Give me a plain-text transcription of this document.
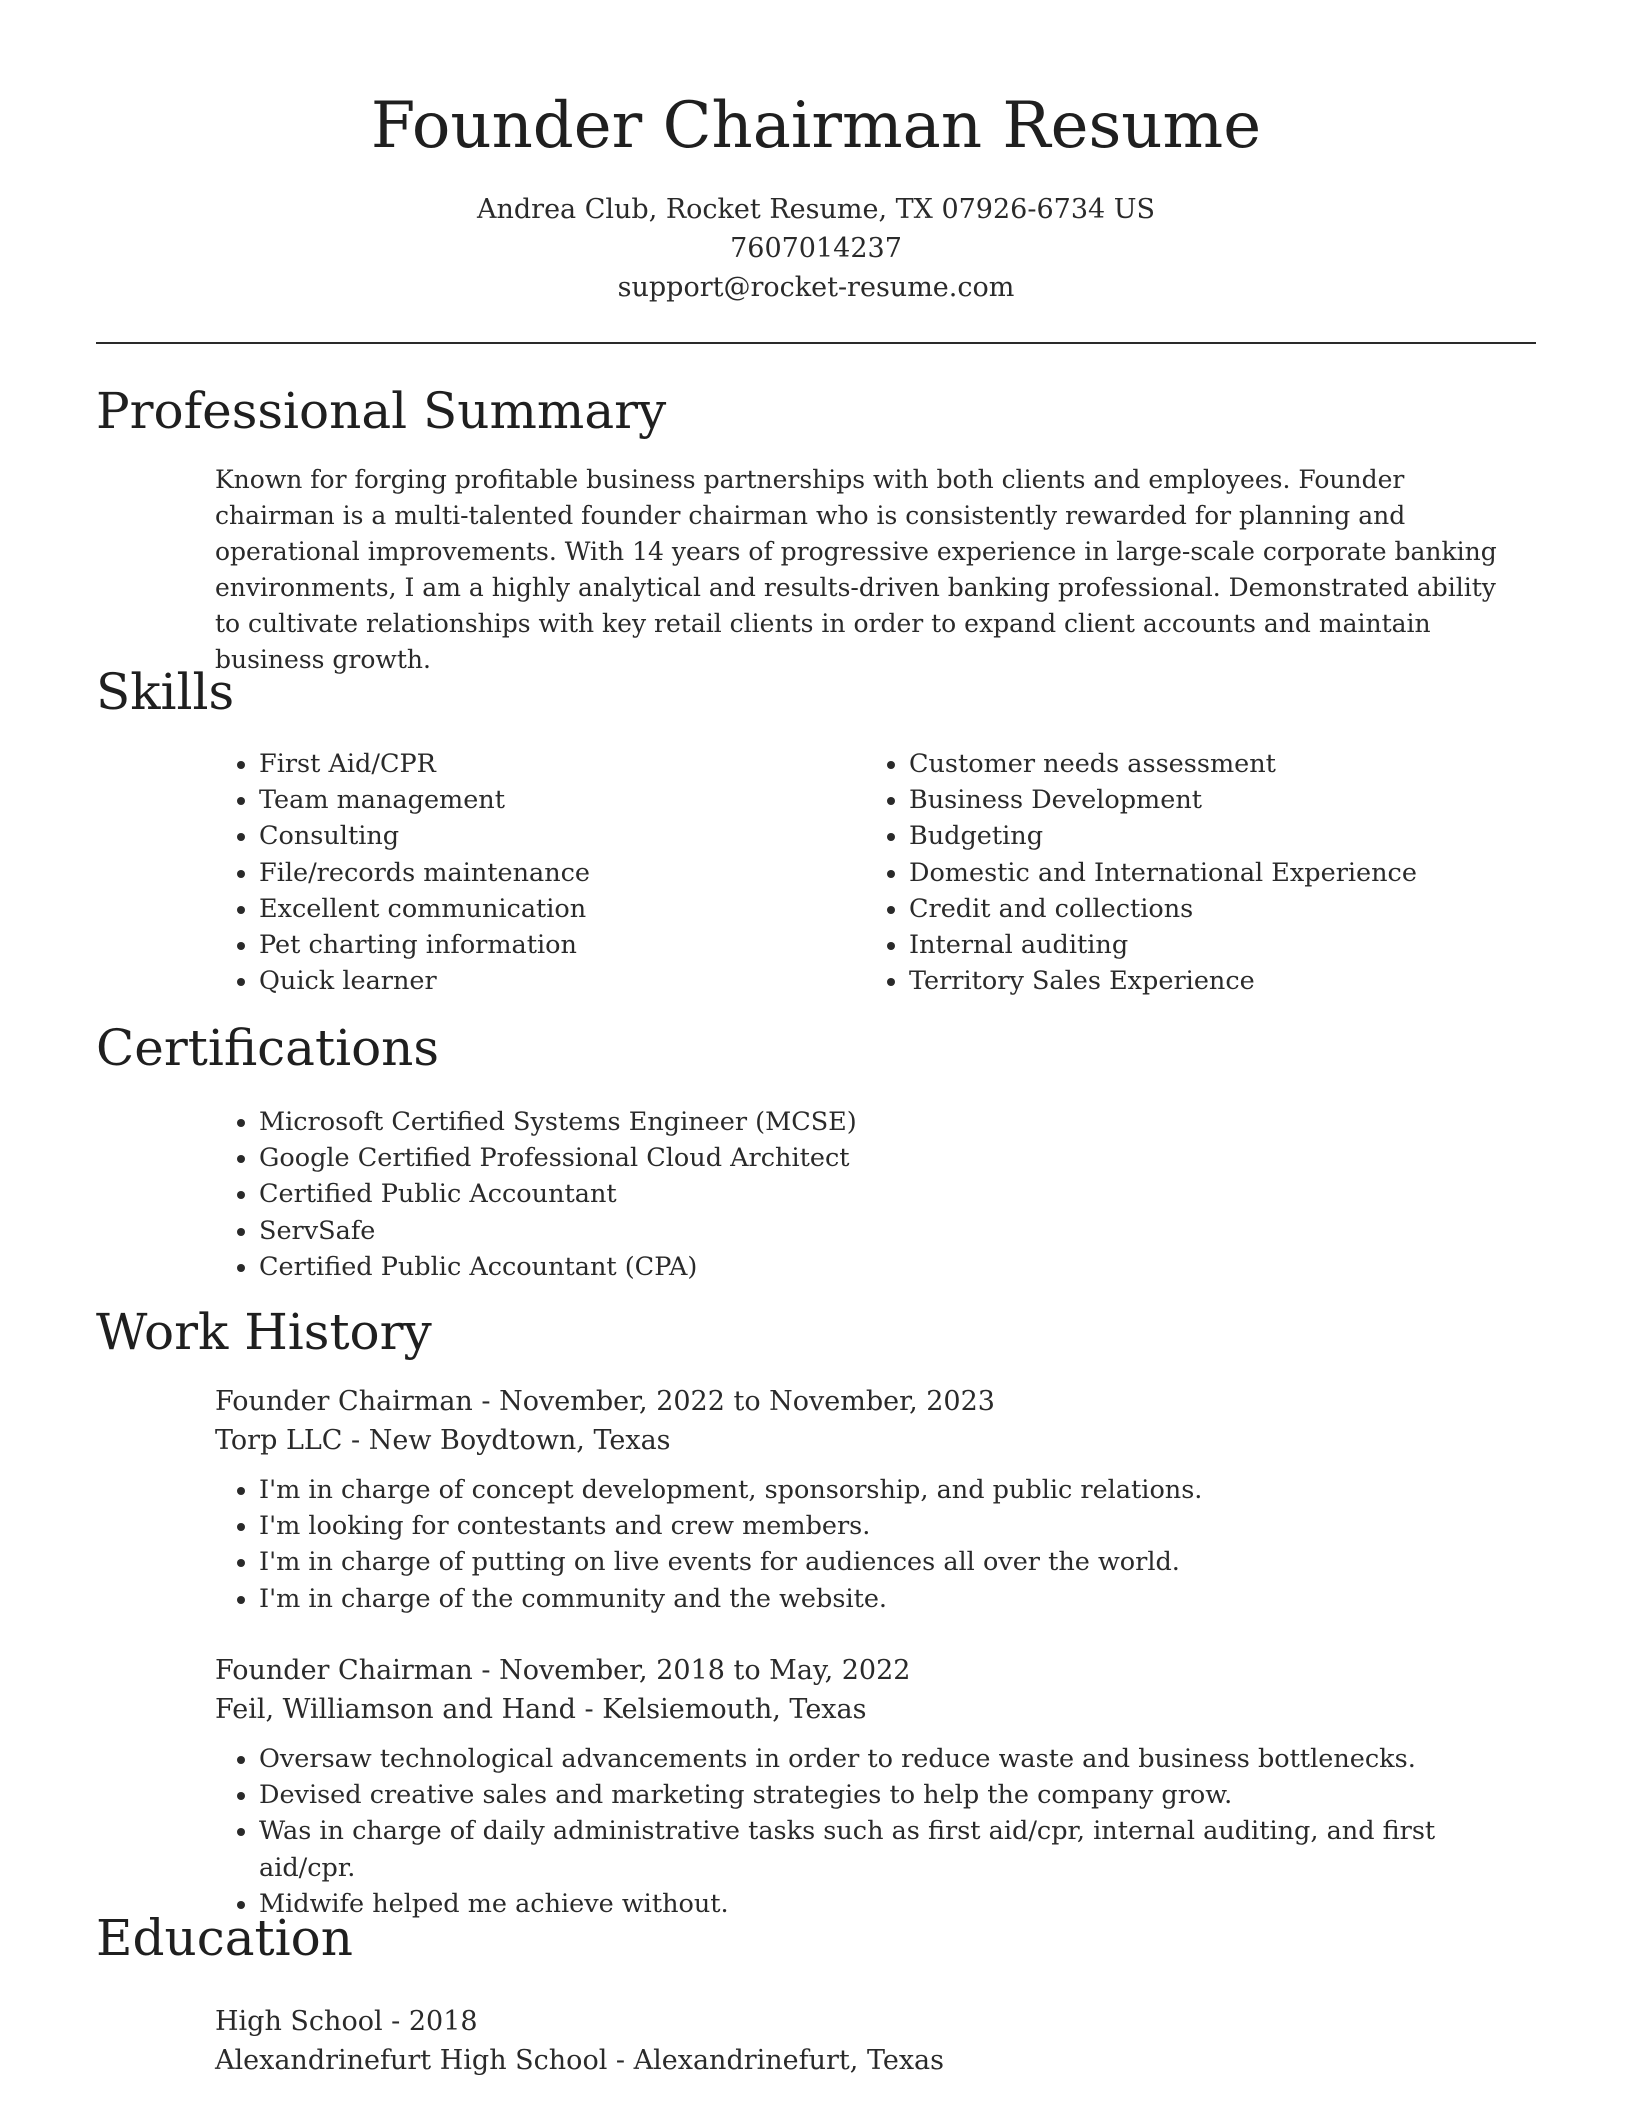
Founder Chairman Resume
Andrea Club, Rocket Resume, TX 07926-6734 US
7607014237
support@rocket-resume.com
Professional Summary

Known for forging profitable business partnerships with both clients and employees. Founder chairman is a multi-talented founder chairman who is consistently rewarded for planning and operational improvements. With 14 years of progressive experience in large-scale corporate banking environments, I am a highly analytical and results-driven banking professional. Demonstrated ability to cultivate relationships with key retail clients in order to expand client accounts and maintain business growth.

Skills
• First Aid/CPR
• Team management
• Consulting
• File/records maintenance
• Excellent communication
• Pet charting information
• Quick learner
• Customer needs assessment
• Business Development
• Budgeting
• Domestic and International Experience
• Credit and collections
• Internal auditing
• Territory Sales Experience
Certifications
• Microsoft Certified Systems Engineer (MCSE)
• Google Certified Professional Cloud Architect
• Certified Public Accountant
• ServSafe
• Certified Public Accountant (CPA)
Work History
Founder Chairman - November, 2022 to November, 2023
Torp LLC - New Boydtown, Texas
• I'm in charge of concept development, sponsorship, and public relations.
• I'm looking for contestants and crew members.
• I'm in charge of putting on live events for audiences all over the world.
• I'm in charge of the community and the website.
Founder Chairman - November, 2018 to May, 2022
Feil, Williamson and Hand - Kelsiemouth, Texas
• Oversaw technological advancements in order to reduce waste and business bottlenecks.
• Devised creative sales and marketing strategies to help the company grow.
• Was in charge of daily administrative tasks such as first aid/cpr, internal auditing, and first aid/cpr.
• Midwife helped me achieve without.
Education
High School - 2018
Alexandrinefurt High School - Alexandrinefurt, Texas
